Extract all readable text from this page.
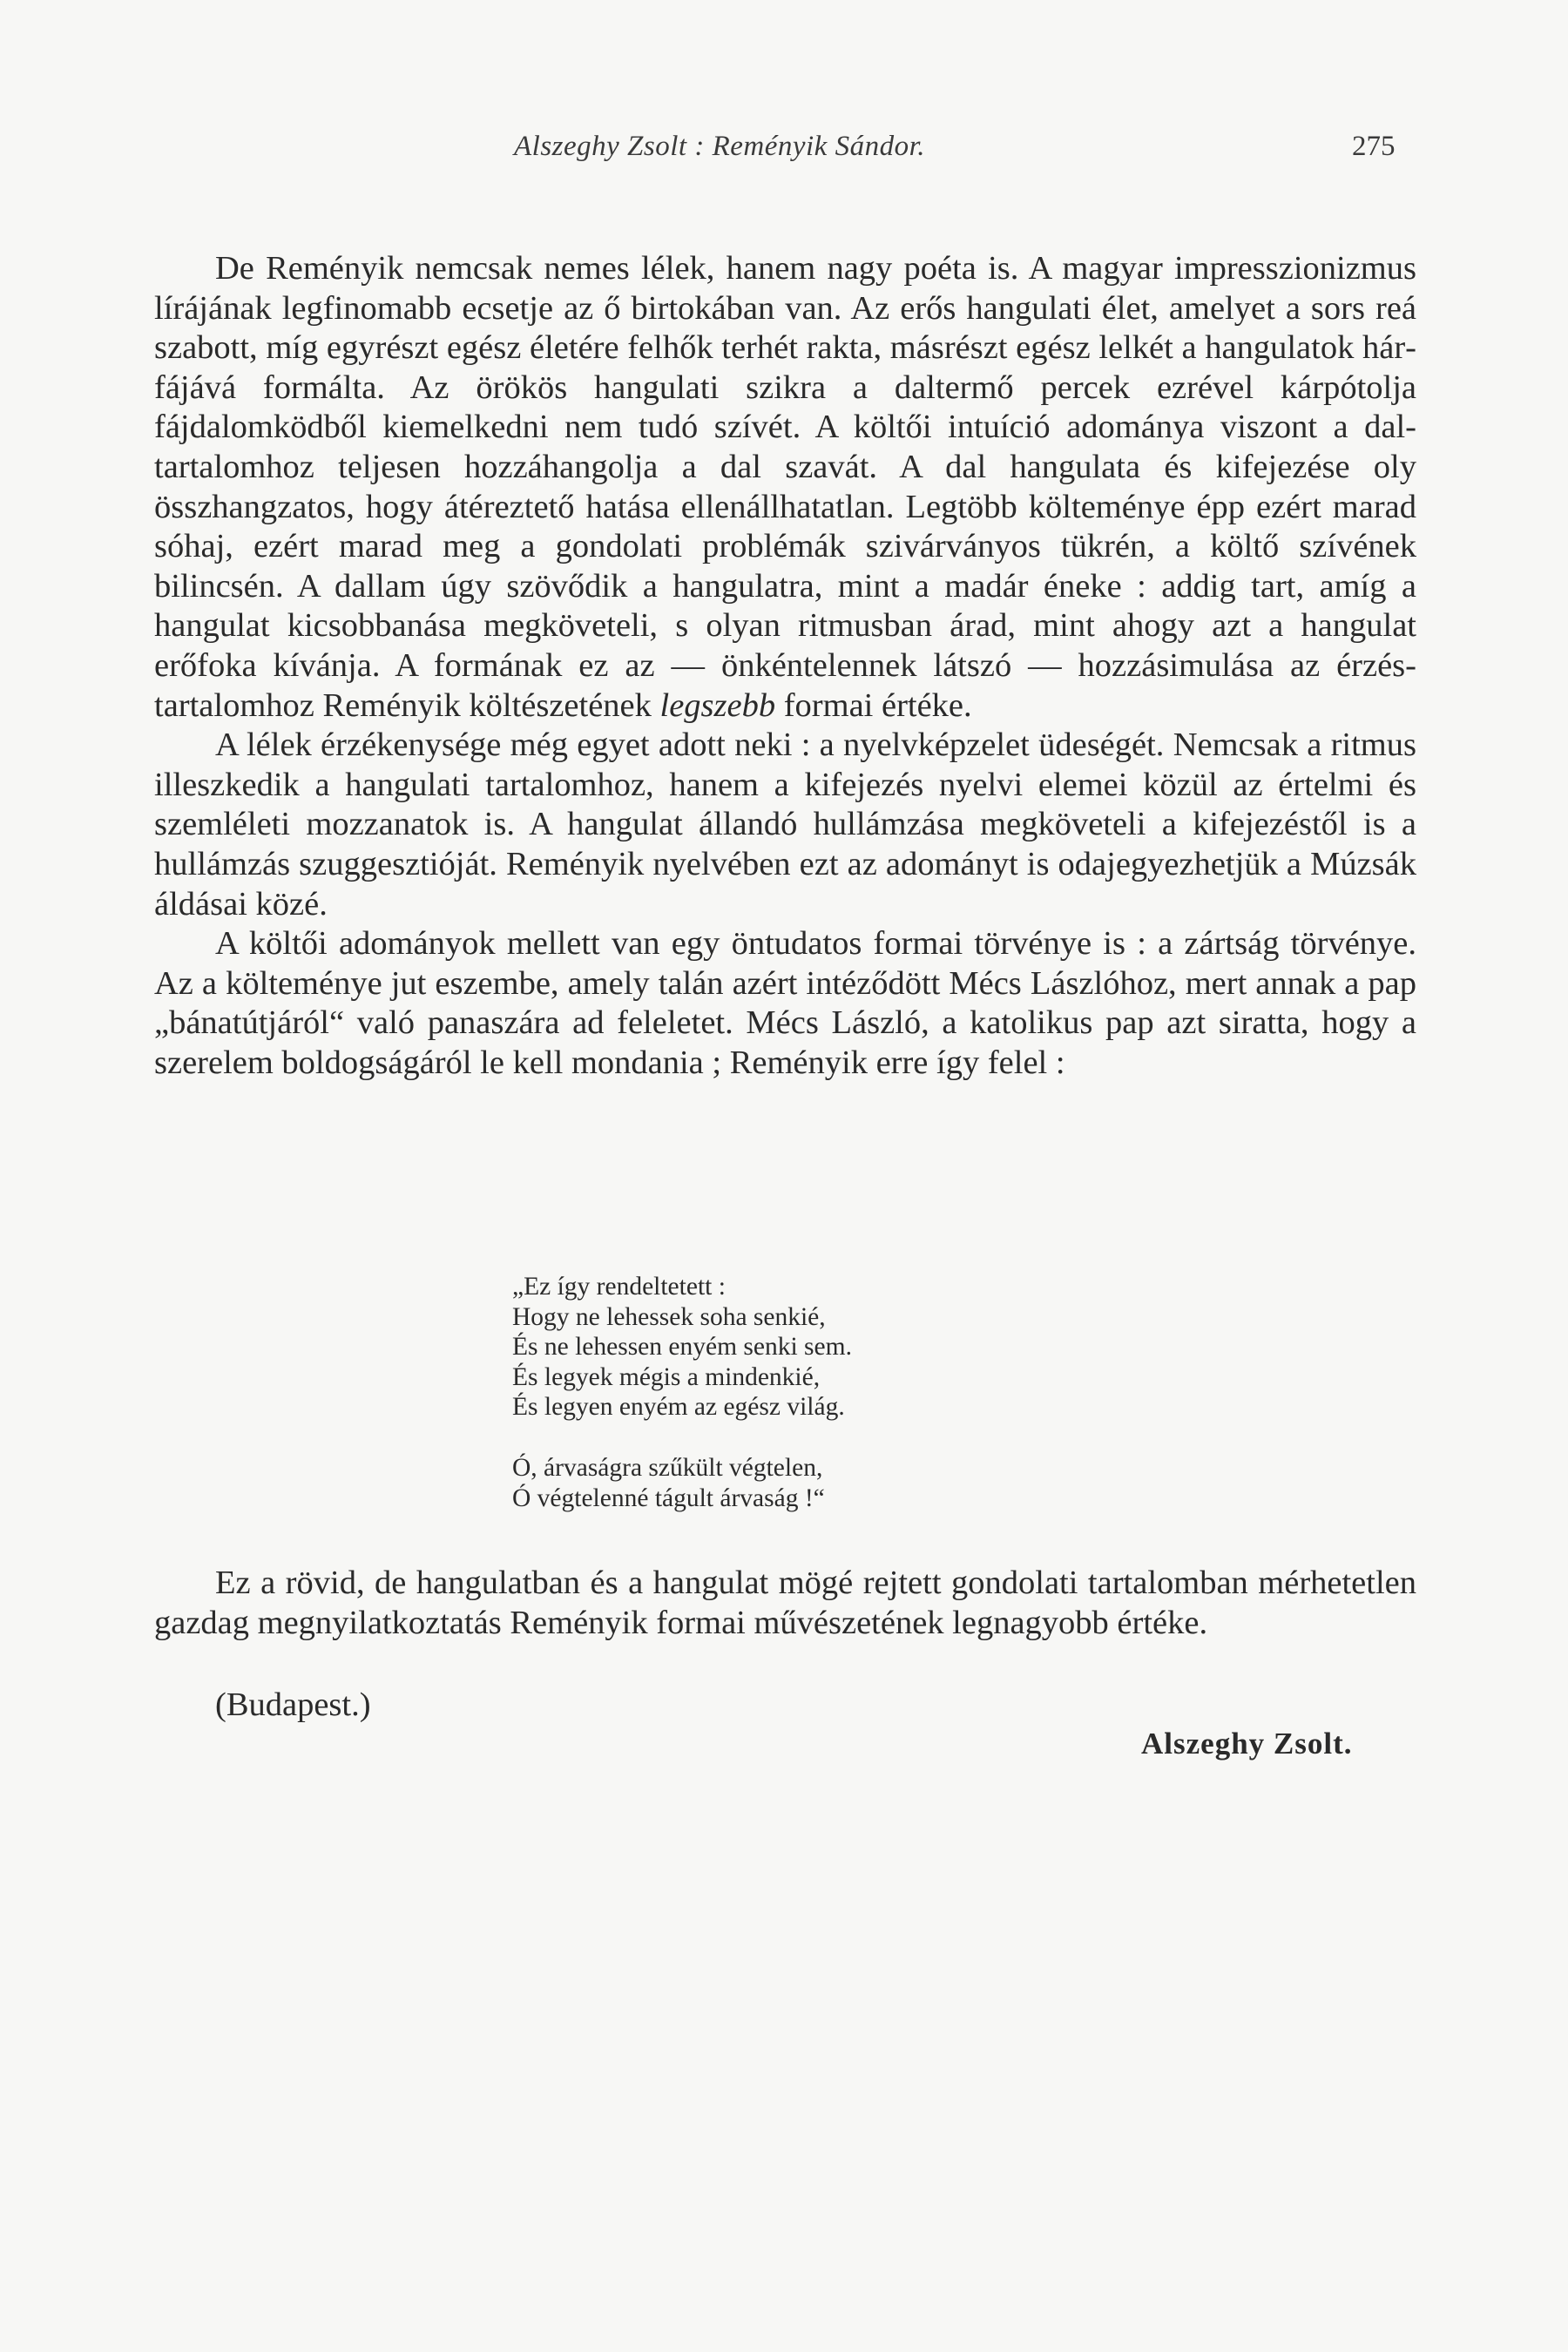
Alszeghy Zsolt : Reményik Sándor.	275

De Reményik nemcsak nemes lélek, hanem nagy poéta is. A magyar impresszionizmus lírájának legfinomabb ecsetje az ő birtokában van. Az erős hangulati élet, amelyet a sors reá szabott, míg egyrészt egész életére felhők terhét rakta, másrészt egész lelkét a hangulatok hárfájává formálta. Az örökös hangulati szikra a daltermő percek ezrével kárpótolja fájdalomködből kiemelkedni nem tudó szívét. A költői intuíció adománya viszont a dal-tartalomhoz teljesen hozzáhangolja a dal szavát. A dal hangulata és kifejezése oly összhangzatos, hogy átéreztető hatása ellenállhatatlan. Legtöbb költeménye épp ezért marad sóhaj, ezért marad meg a gondolati problémák szivárványos tükrén, a költő szívének bilincsén. A dallam úgy szövődik a hangulatra, mint a madár éneke : addig tart, amíg a hangulat kicsobbanása megköveteli, s olyan ritmusban árad, mint ahogy azt a hangulat erőfoka kívánja. A formának ez az — önkéntelennek látszó — hozzásimulása az érzéstartalomhoz Reményik költészetének legszebb formai értéke.

A lélek érzékenysége még egyet adott neki : a nyelvképzelet üdeségét. Nemcsak a ritmus illeszkedik a hangulati tartalomhoz, hanem a kifejezés nyelvi elemei közül az értelmi és szemléleti mozzanatok is. A hangulat állandó hullámzása megköveteli a kifejezéstől is a hullámzás szuggesztióját. Reményik nyelvében ezt az adományt is odajegyezhetjük a Múzsák áldásai közé.

A költői adományok mellett van egy öntudatos formai törvénye is : a zártság törvénye. Az a költeménye jut eszembe, amely talán azért intéződött Mécs Lászlóhoz, mert annak a pap „bánatútjáról“ való panaszára ad feleletet. Mécs László, a katolikus pap azt siratta, hogy a szerelem boldogságáról le kell mondania ; Reményik erre így felel :

„Ez így rendeltetett :
Hogy ne lehessek soha senkié,
És ne lehessen enyém senki sem.
És legyek mégis a mindenkié,
És legyen enyém az egész világ.
Ó, árvaságra szűkült végtelen,
Ó végtelenné tágult árvaság !“

Ez a rövid, de hangulatban és a hangulat mögé rejtett gondolati tartalomban mérhetetlen gazdag megnyilatkoztatás Reményik formai művészetének legnagyobb értéke.

(Budapest.)
Alszeghy Zsolt.
